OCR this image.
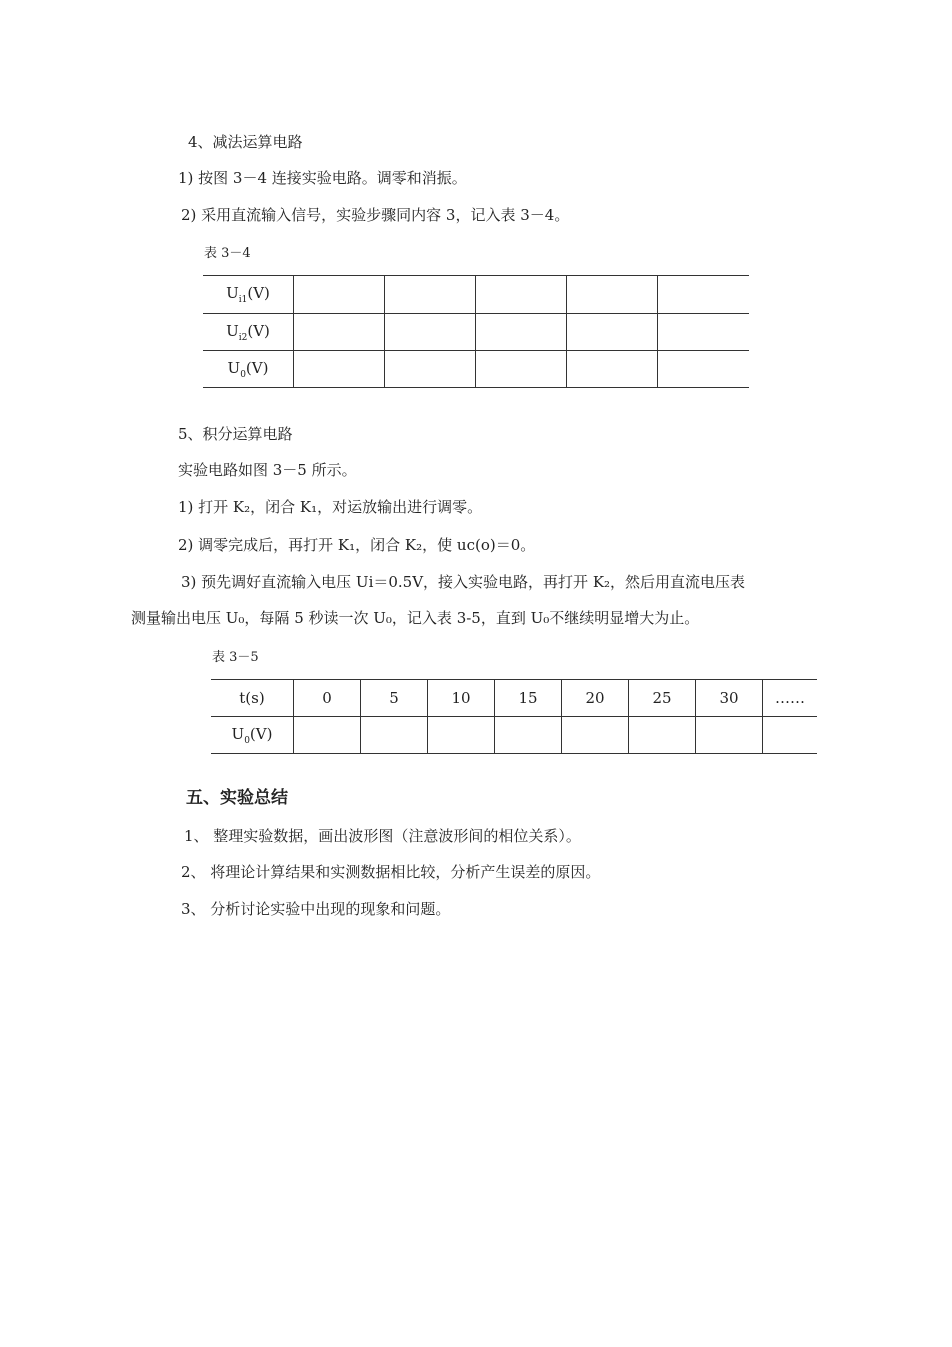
4、减法运算电路
1) 按图 3－4 连接实验电路。调零和消振。
2) 采用直流输入信号，实验步骤同内容 3，记入表 3－4。
表 3－4
$U_{i1}(V)$					
$U_{i2}(V)$					
$U_0(V)$					
5、积分运算电路
实验电路如图 3－5 所示。
1) 打开 K₂，闭合 K₁，对运放输出进行调零。
2) 调零完成后，再打开 K₁，闭合 K₂，使 uc(o)＝0。
3) 预先调好直流输入电压 Ui＝0.5V，接入实验电路，再打开 K₂，然后用直流电压表
测量输出电压 U₀，每隔 5 秒读一次 U₀，记入表 3-5，直到 U₀不继续明显增大为止。
表 3－5
t(s)	0	5	10	15	20	25	30	……
$U_0(V)$								
五、实验总结
1、 整理实验数据，画出波形图（注意波形间的相位关系）。
2、 将理论计算结果和实测数据相比较，分析产生误差的原因。
3、 分析讨论实验中出现的现象和问题。
